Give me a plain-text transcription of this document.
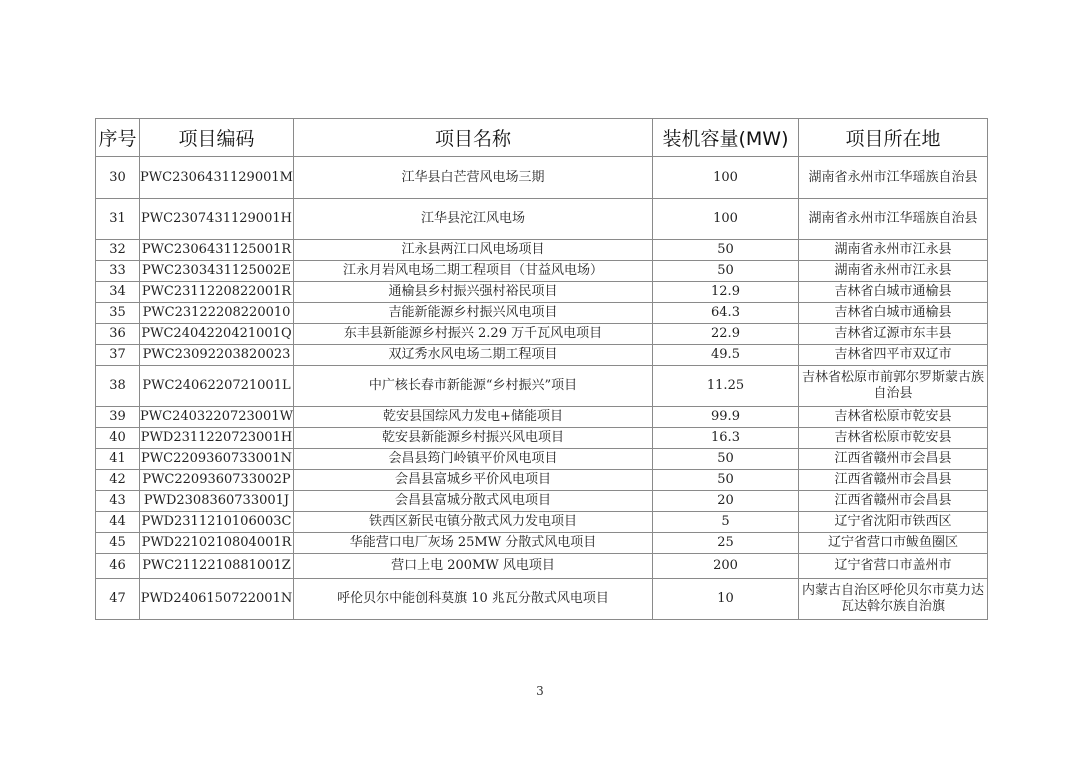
序号	项目编码	项目名称	装机容量(MW)	项目所在地
30	PWC2306431129001M	江华县白芒营风电场三期	100	湖南省永州市江华瑶族自治县
31	PWC2307431129001H	江华县沱江风电场	100	湖南省永州市江华瑶族自治县
32	PWC2306431125001R	江永县两江口风电场项目	50	湖南省永州市江永县
33	PWC2303431125002E	江永月岩风电场二期工程项目（甘益风电场）	50	湖南省永州市江永县
34	PWC2311220822001R	通榆县乡村振兴强村裕民项目	12.9	吉林省白城市通榆县
35	PWC23122208220010	吉能新能源乡村振兴风电项目	64.3	吉林省白城市通榆县
36	PWC2404220421001Q	东丰县新能源乡村振兴 2.29 万千瓦风电项目	22.9	吉林省辽源市东丰县
37	PWC23092203820023	双辽秀水风电场二期工程项目	49.5	吉林省四平市双辽市
38	PWC2406220721001L	中广核长春市新能源“乡村振兴”项目	11.25	吉林省松原市前郭尔罗斯蒙古族自治县
39	PWC2403220723001W	乾安县国综风力发电+储能项目	99.9	吉林省松原市乾安县
40	PWD2311220723001H	乾安县新能源乡村振兴风电项目	16.3	吉林省松原市乾安县
41	PWC2209360733001N	会昌县筠门岭镇平价风电项目	50	江西省赣州市会昌县
42	PWC2209360733002P	会昌县富城乡平价风电项目	50	江西省赣州市会昌县
43	PWD2308360733001J	会昌县富城分散式风电项目	20	江西省赣州市会昌县
44	PWD2311210106003C	铁西区新民屯镇分散式风力发电项目	5	辽宁省沈阳市铁西区
45	PWD2210210804001R	华能营口电厂灰场 25MW 分散式风电项目	25	辽宁省营口市鲅鱼圈区
46	PWC2112210881001Z	营口上电 200MW 风电项目	200	辽宁省营口市盖州市
47	PWD2406150722001N	呼伦贝尔中能创科莫旗 10 兆瓦分散式风电项目	10	内蒙古自治区呼伦贝尔市莫力达瓦达斡尔族自治旗
3
